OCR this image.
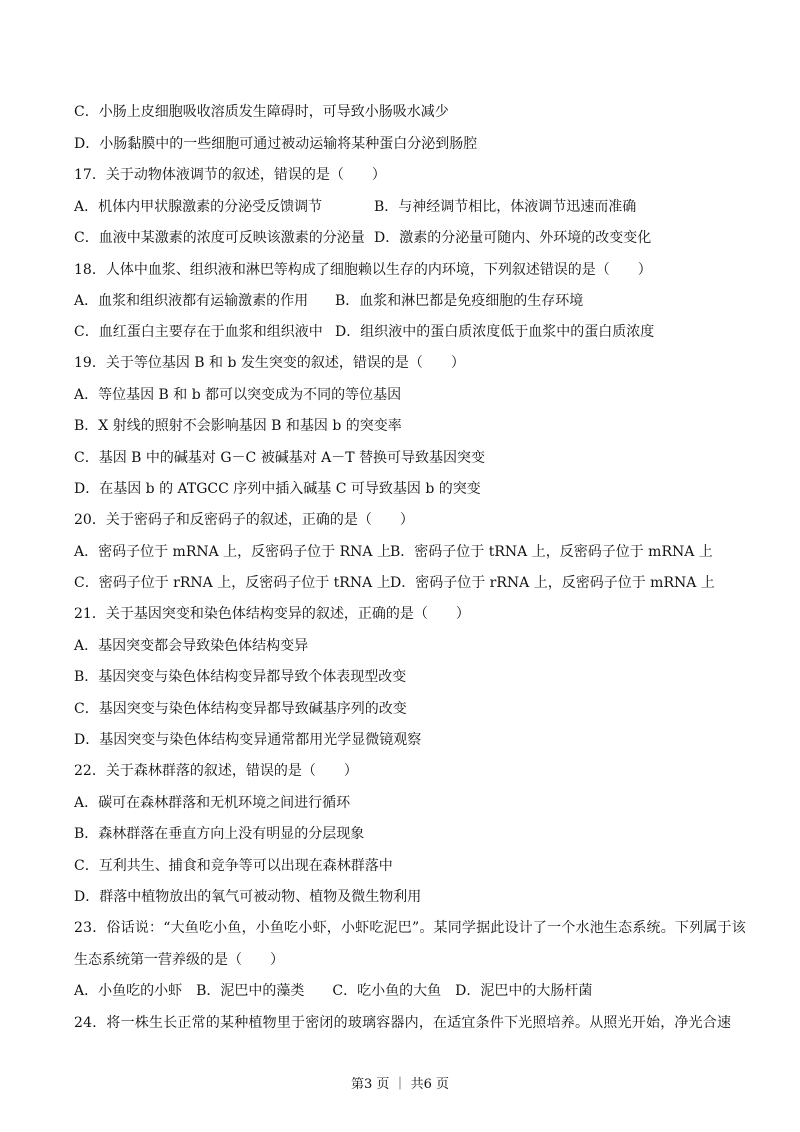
C．小肠上皮细胞吸收溶质发生障碍时，可导致小肠吸水减少
D．小肠黏膜中的一些细胞可通过被动运输将某种蛋白分泌到肠腔
17．关于动物体液调节的叙述，错误的是（　　）
A．机体内甲状腺激素的分泌受反馈调节	B．与神经调节相比，体液调节迅速而准确
C．血液中某激素的浓度可反映该激素的分泌量 D．激素的分泌量可随内、外环境的改变变化
18．人体中血浆、组织液和淋巴等构成了细胞赖以生存的内环境，下列叙述错误的是（　　）
A．血浆和组织液都有运输激素的作用 B．血浆和淋巴都是免疫细胞的生存环境
C．血红蛋白主要存在于血浆和组织液中 D．组织液中的蛋白质浓度低于血浆中的蛋白质浓度
19．关于等位基因 B 和 b 发生突变的叙述，错误的是（　　）
A．等位基因 B 和 b 都可以突变成为不同的等位基因
B．X 射线的照射不会影响基因 B 和基因 b 的突变率
C．基因 B 中的碱基对 G－C 被碱基对 A－T 替换可导致基因突变
D．在基因 b 的 ATGCC 序列中插入碱基 C 可导致基因 b 的突变
20．关于密码子和反密码子的叙述，正确的是（　　）
A．密码子位于 mRNA 上，反密码子位于 RNA 上 B．密码子位于 tRNA 上，反密码子位于 mRNA 上
C．密码子位于 rRNA 上，反密码子位于 tRNA 上 D．密码子位于 rRNA 上，反密码子位于 mRNA 上
21．关于基因突变和染色体结构变异的叙述，正确的是（　　）
A．基因突变都会导致染色体结构变异
B．基因突变与染色体结构变异都导致个体表现型改变
C．基因突变与染色体结构变异都导致碱基序列的改变
D．基因突变与染色体结构变异通常都用光学显微镜观察
22．关于森林群落的叙述，错误的是（　　）
A．碳可在森林群落和无机环境之间进行循环
B．森林群落在垂直方向上没有明显的分层现象
C．互利共生、捕食和竞争等可以出现在森林群落中
D．群落中植物放出的氧气可被动物、植物及微生物利用
23．俗话说：“大鱼吃小鱼，小鱼吃小虾，小虾吃泥巴”。某同学据此设计了一个水池生态系统。下列属于该
生态系统第一营养级的是（　　）
A．小鱼吃的小虾　B．泥巴中的藻类　　C．吃小鱼的大鱼　D．泥巴中的大肠杆菌
24．将一株生长正常的某种植物里于密闭的玻璃容器内，在适宜条件下光照培养。从照光开始，净光合速
第3 页 ｜ 共6 页
